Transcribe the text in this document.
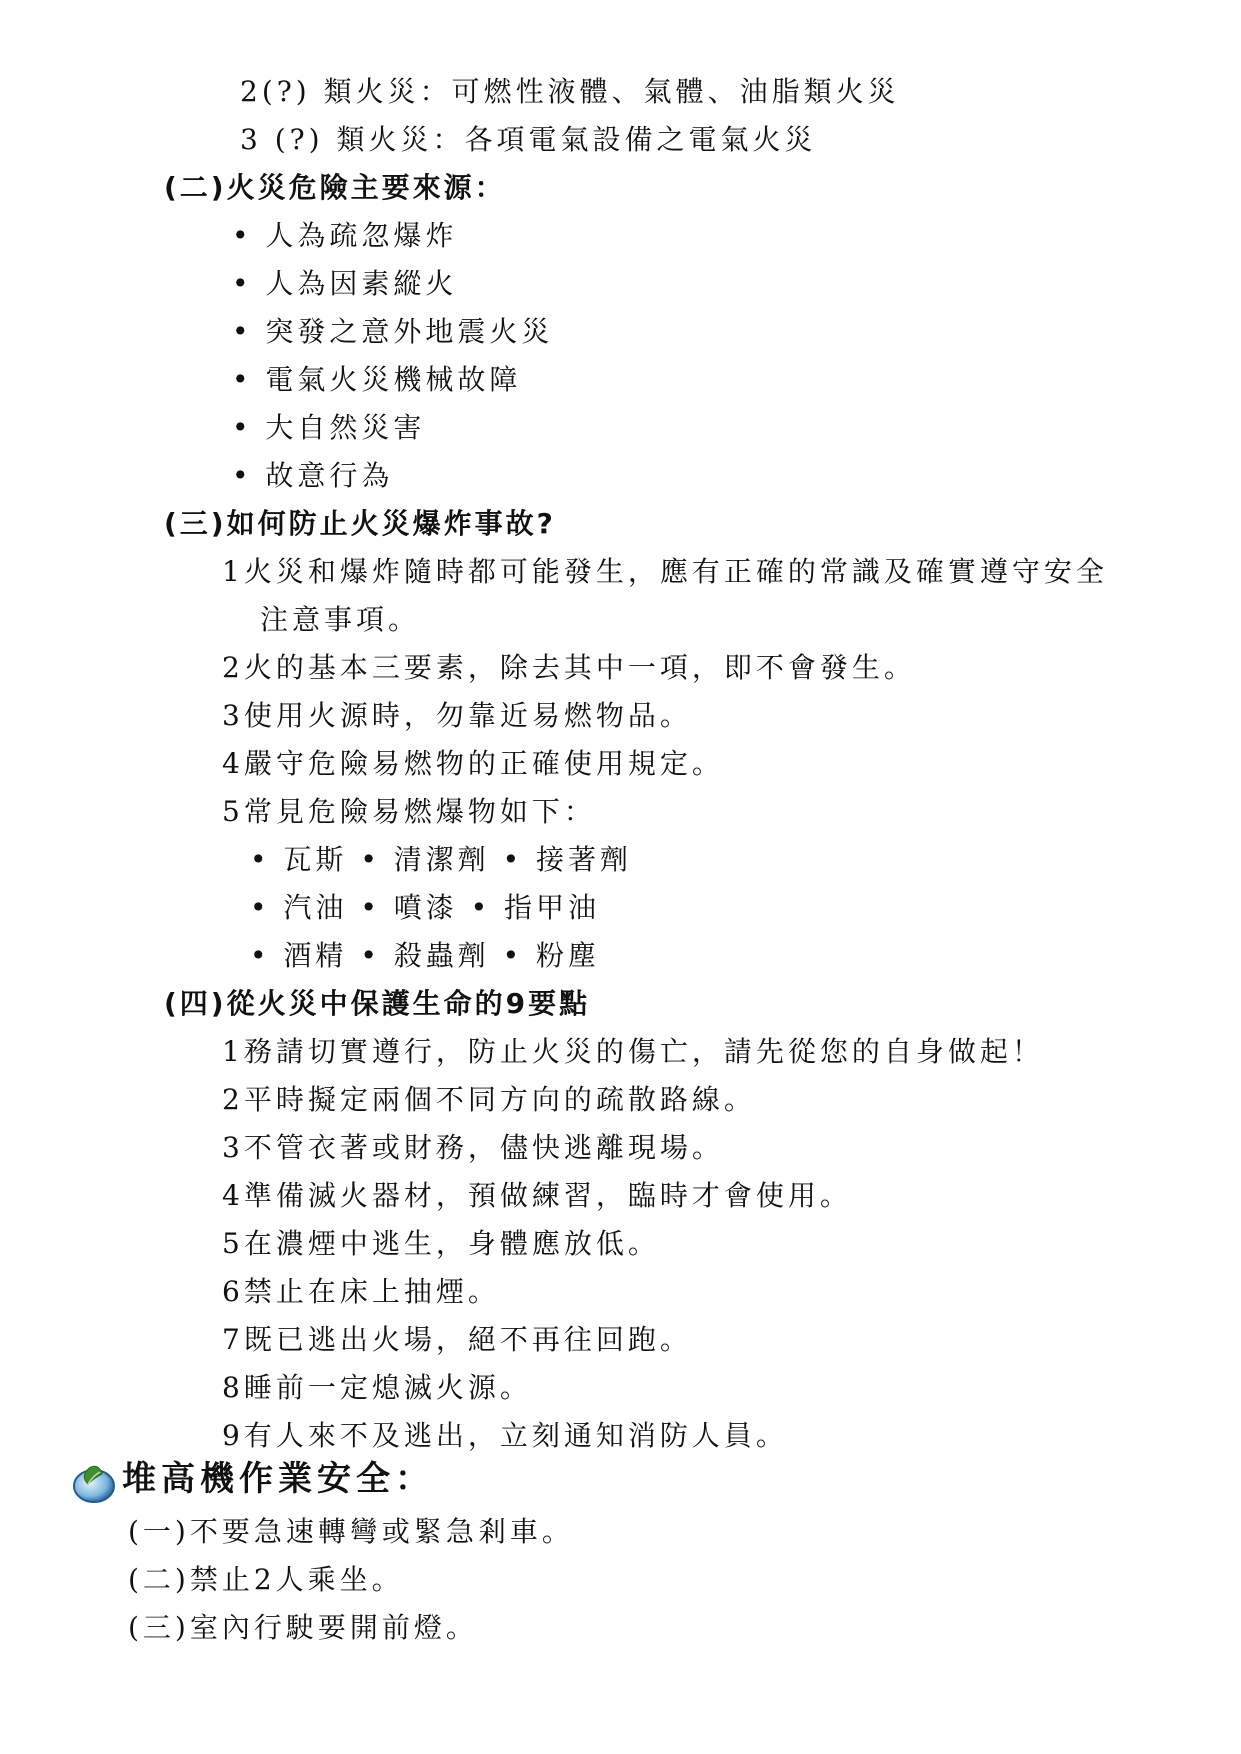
2(?) 類火災：可燃性液體、氣體、油脂類火災
3 (?) 類火災：各項電氣設備之電氣火災
(二)火災危險主要來源：
• 人為疏忽爆炸
• 人為因素縱火
• 突發之意外地震火災
• 電氣火災機械故障
• 大自然災害
• 故意行為
(三)如何防止火災爆炸事故?
1火災和爆炸隨時都可能發生，應有正確的常識及確實遵守安全
注意事項。
2火的基本三要素，除去其中一項，即不會發生。
3使用火源時，勿靠近易燃物品。
4嚴守危險易燃物的正確使用規定。
5常見危險易燃爆物如下：
• 瓦斯 • 清潔劑 • 接著劑
• 汽油 • 噴漆 • 指甲油
• 酒精 • 殺蟲劑 • 粉塵
(四)從火災中保護生命的9要點
1務請切實遵行，防止火災的傷亡，請先從您的自身做起！
2平時擬定兩個不同方向的疏散路線。
3不管衣著或財務，儘快逃離現場。
4準備滅火器材，預做練習，臨時才會使用。
5在濃煙中逃生，身體應放低。
6禁止在床上抽煙。
7既已逃出火場，絕不再往回跑。
8睡前一定熄滅火源。
9有人來不及逃出，立刻通知消防人員。
堆高機作業安全：
(一)不要急速轉彎或緊急剎車。
(二)禁止2人乘坐。
(三)室內行駛要開前燈。
